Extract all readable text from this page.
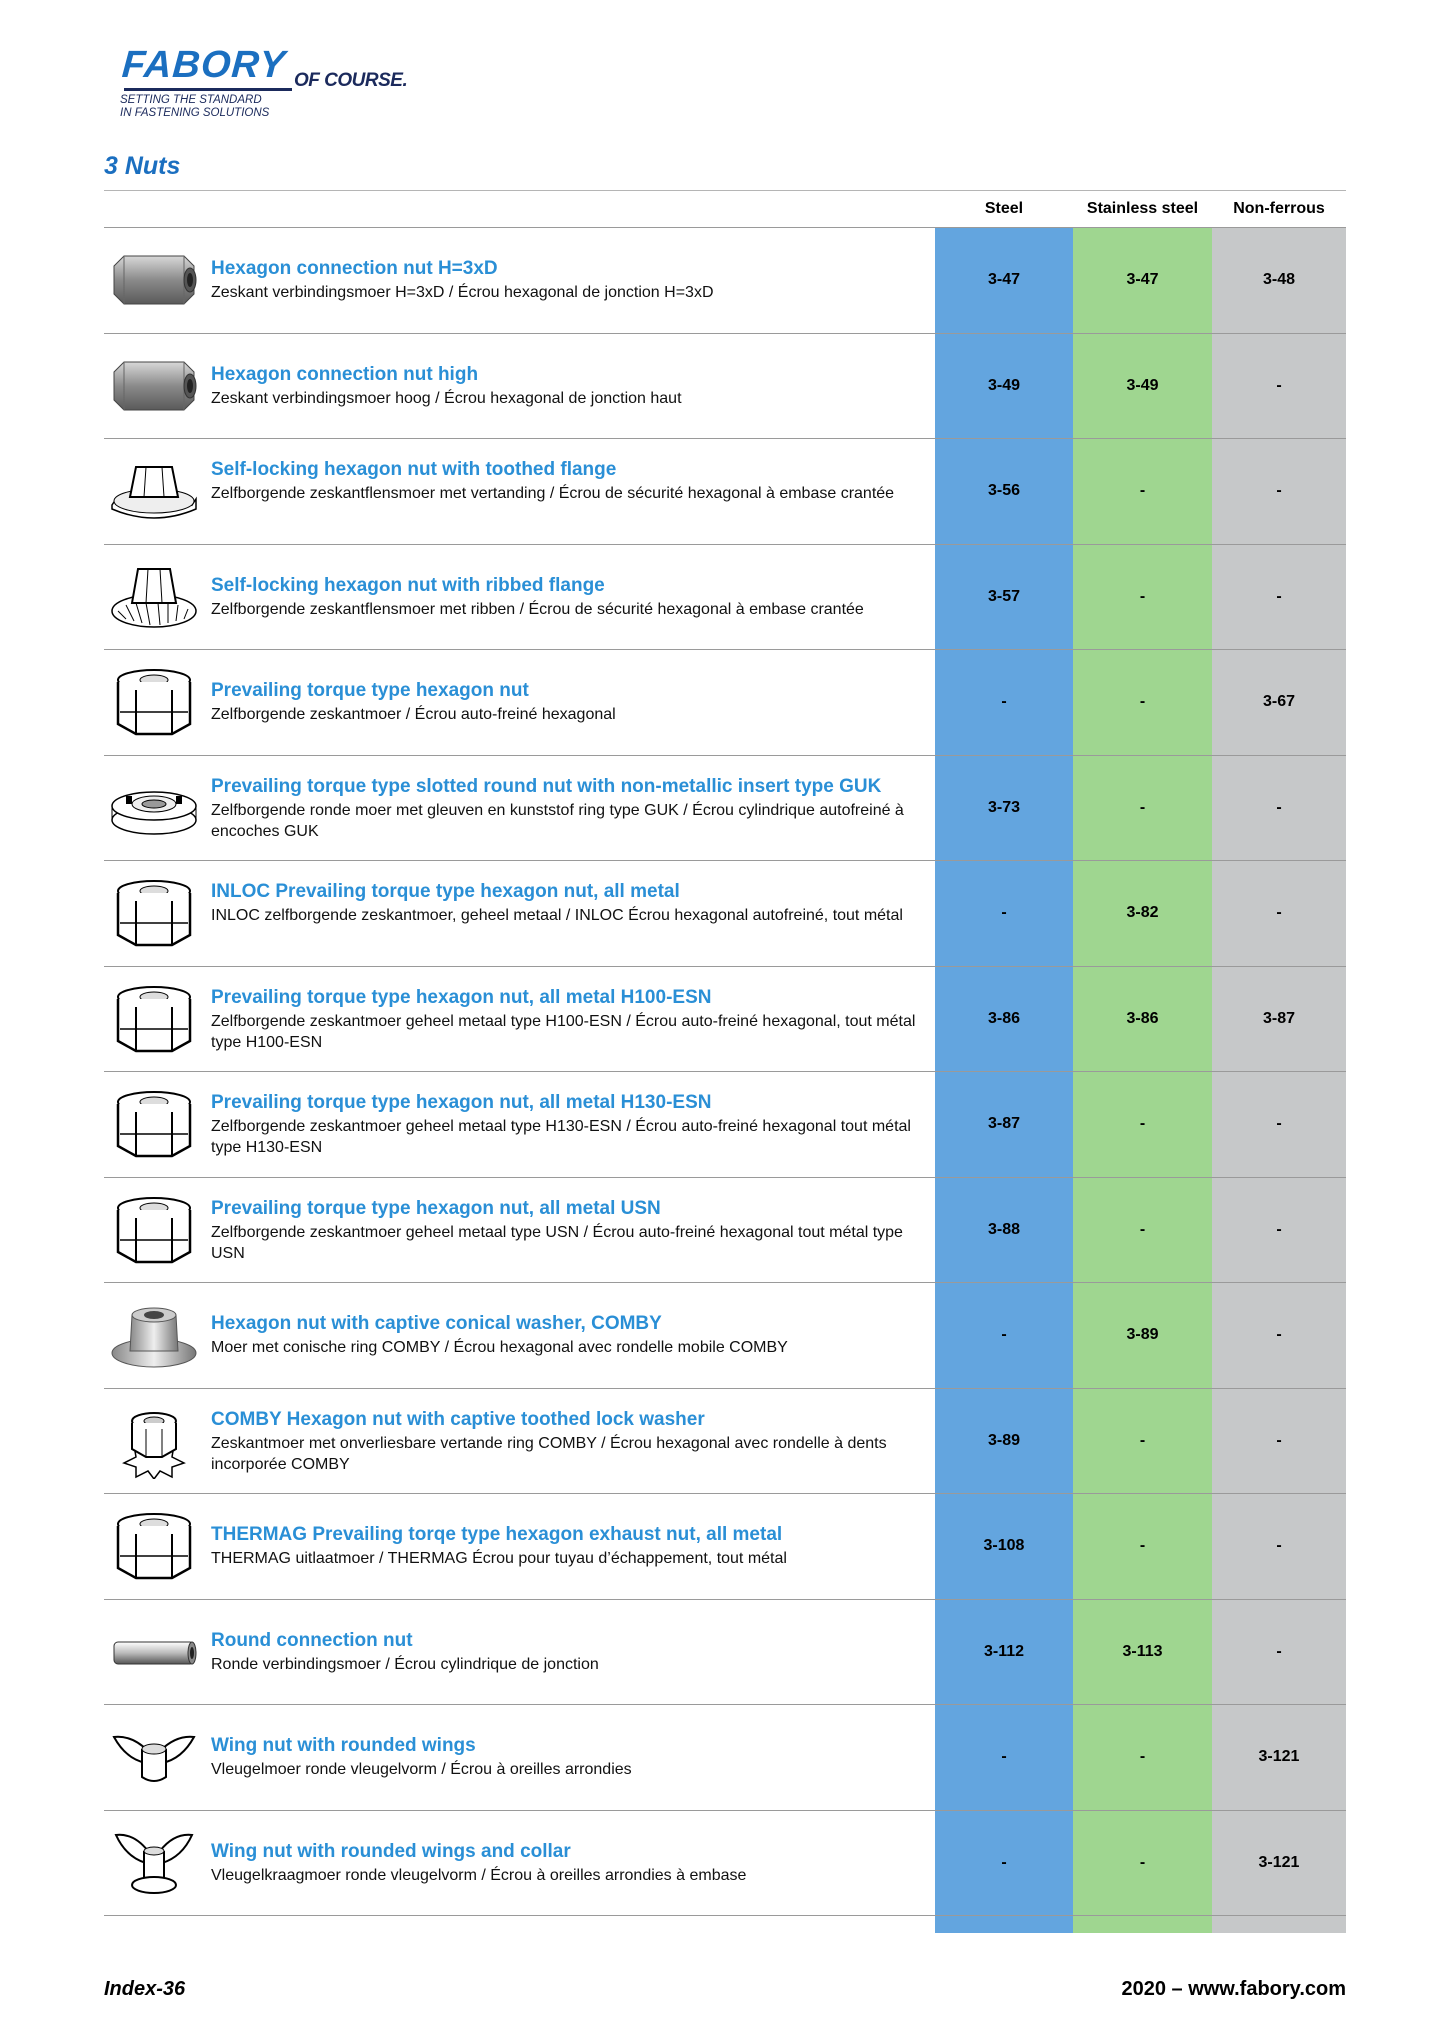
FABORY OF COURSE.
SETTING THE STANDARD
IN FASTENING SOLUTIONS
3 Nuts
Steel	Stainless steel	Non-ferrous

Hexagon connection nut H=3xD

Zeskant verbindingsmoer H=3xD / Écrou hexagonal de jonction H=3xD

3-47	3-47	3-48

Hexagon connection nut high

Zeskant verbindingsmoer hoog / Écrou hexagonal de jonction haut

3-49	3-49	-

Self-locking hexagon nut with toothed flange

Zelfborgende zeskantflensmoer met vertanding / Écrou de sécurité hexagonal à embase crantée	3-56	-	-

Self-locking hexagon nut with ribbed flange

Zelfborgende zeskantflensmoer met ribben / Écrou de sécurité hexagonal à embase crantée

3-57	-	-

Prevailing torque type hexagon nut

Zelfborgende zeskantmoer / Écrou auto-freiné hexagonal

-	-	3-67

Prevailing torque type slotted round nut with non-metallic insert type GUK

Zelfborgende ronde moer met gleuven en kunststof ring type GUK / Écrou cylindrique autofreiné à encoches GUK

3-73	-	-

INLOC Prevailing torque type hexagon nut, all metal

INLOC zelfborgende zeskantmoer, geheel metaal / INLOC Écrou hexagonal autofreiné, tout métal	-	3-82	-

Prevailing torque type hexagon nut, all metal H100-ESN

Zelfborgende zeskantmoer geheel metaal type H100-ESN / Écrou auto-freiné hexagonal, tout métal type H100-ESN

3-86	3-86	3-87

Prevailing torque type hexagon nut, all metal H130-ESN

Zelfborgende zeskantmoer geheel metaal type H130-ESN / Écrou auto-freiné hexagonal tout métal type H130-ESN

3-87	-	-

Prevailing torque type hexagon nut, all metal USN

Zelfborgende zeskantmoer geheel metaal type USN / Écrou auto-freiné hexagonal tout métal type USN

3-88	-	-

Hexagon nut with captive conical washer, COMBY

Moer met conische ring COMBY / Écrou hexagonal avec rondelle mobile COMBY

-	3-89	-

COMBY Hexagon nut with captive toothed lock washer

Zeskantmoer met onverliesbare vertande ring COMBY / Écrou hexagonal avec rondelle à dents incorporée COMBY

3-89	-	-

THERMAG Prevailing torqe type hexagon exhaust nut, all metal

THERMAG uitlaatmoer / THERMAG Écrou pour tuyau d’échappement, tout métal

3-108	-	-

Round connection nut

Ronde verbindingsmoer / Écrou cylindrique de jonction

3-112	3-113	-

Wing nut with rounded wings

Vleugelmoer ronde vleugelvorm / Écrou à oreilles arrondies

-	-	3-121

Wing nut with rounded wings and collar

Vleugelkraagmoer ronde vleugelvorm / Écrou à oreilles arrondies à embase

-	-	3-121
Index-36	2020 – www.fabory.com
